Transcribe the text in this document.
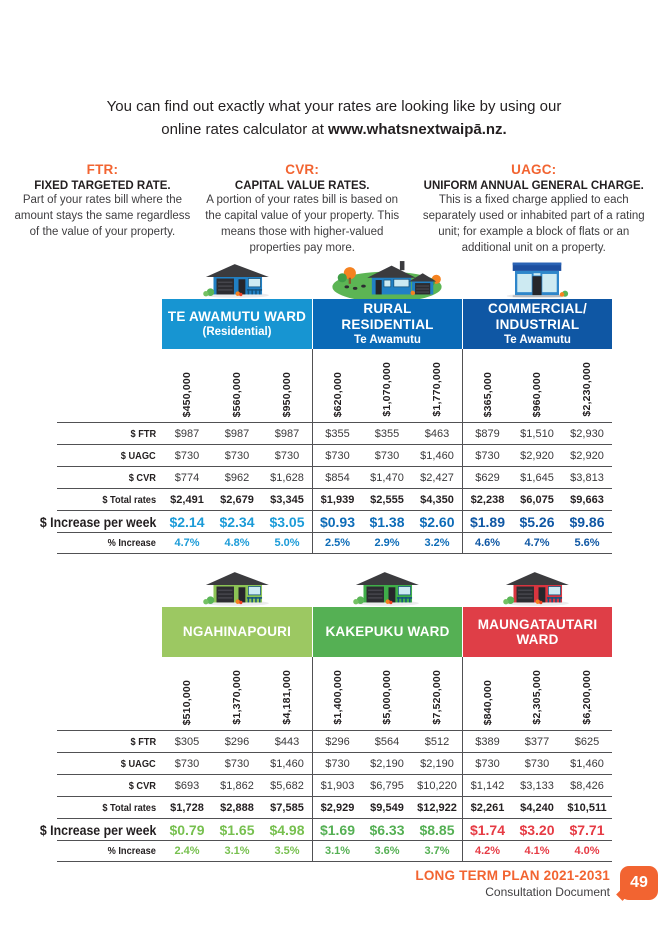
You can find out exactly what your rates are looking like by using our
online rates calculator at www.whatsnextwaipā.nz.

FTR:
FIXED TARGETED RATE.
Part of your rates bill where the amount stays the same regardless of the value of your property.
CVR:
CAPITAL VALUE RATES.
A portion of your rates bill is based on the capital value of your property. This means those with higher-valued properties pay more.
UAGC:
UNIFORM ANNUAL GENERAL CHARGE.
This is a fixed charge applied to each separately used or inhabited part of a rating unit; for example a block of flats or an additional unit on a property.
TE AWAMUTU WARD
(Residential)
RURAL RESIDENTIAL
Te Awamutu
COMMERCIAL/ INDUSTRIAL
Te Awamutu
$450,000	$560,000	$950,000	$620,000	$1,070,000	$1,770,000	$365,000	$960,000	$2,230,000
$ FTR	$987	$987	$987	$355	$355	$463	$879	$1,510	$2,930
$ UAGC	$730	$730	$730	$730	$730	$1,460	$730	$2,920	$2,920
$ CVR	$774	$962	$1,628	$854	$1,470	$2,427	$629	$1,645	$3,813
$ Total rates	$2,491	$2,679	$3,345	$1,939	$2,555	$4,350	$2,238	$6,075	$9,663
$ Increase per week $2.14	$2.34	$3.05	$0.93	$1.38	$2.60	$1.89	$5.26	$9.86
% Increase	4.7%	4.8%	5.0%	2.5%	2.9%	3.2%	4.6%	4.7%	5.6%
NGAHINAPOURI	KAKEPUKU WARD
MAUNGATAUTARI WARD
$510,000	$1,370,000	$4,181,000	$1,400,000	$5,000,000	$7,520,000	$840,000	$2,305,000	$6,200,000
$ FTR	$305	$296	$443	$296	$564	$512	$389	$377	$625
$ UAGC	$730	$730	$1,460	$730	$2,190	$2,190	$730	$730	$1,460
$ CVR	$693	$1,862	$5,682	$1,903	$6,795	$10,220	$1,142	$3,133	$8,426
$ Total rates	$1,728	$2,888	$7,585	$2,929	$9,549	$12,922	$2,261	$4,240	$10,511
$ Increase per week $0.79	$1.65	$4.98	$1.69	$6.33	$8.85	$1.74	$3.20	$7.71
% Increase	2.4%	3.1%	3.5%	3.1%	3.6%	3.7%	4.2%	4.1%	4.0%
LONG TERM PLAN 2021-2031
Consultation Document
49
